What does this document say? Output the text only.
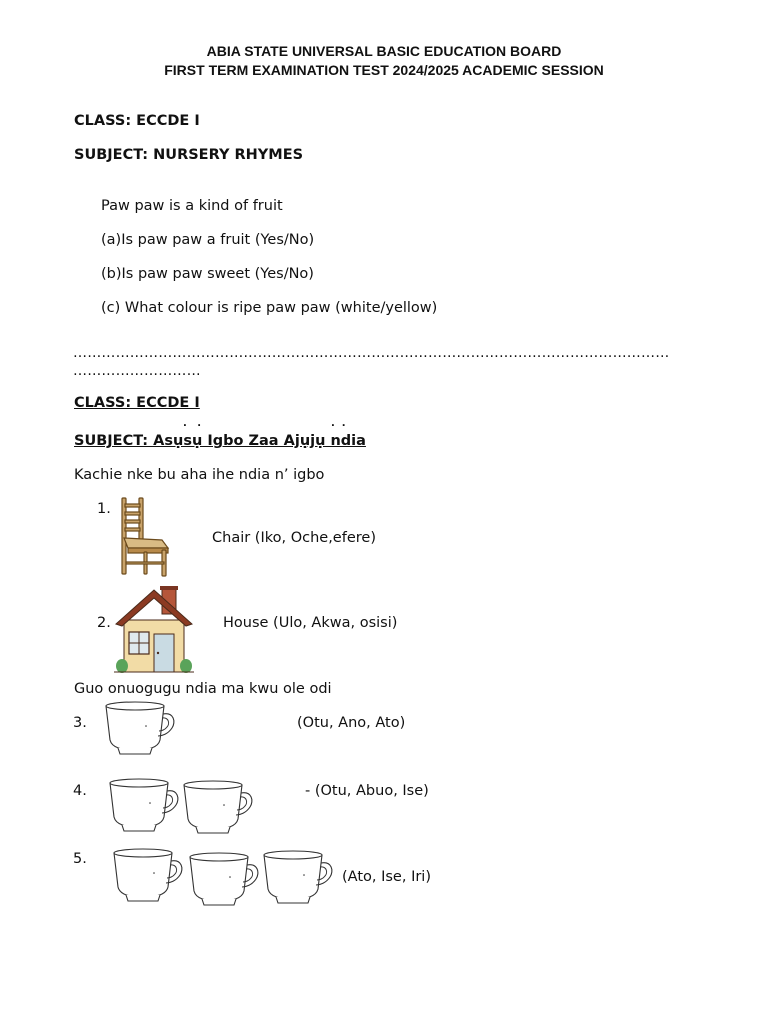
ABIA STATE UNIVERSAL BASIC EDUCATION BOARD
FIRST TERM EXAMINATION TEST 2024/2025 ACADEMIC SESSION
CLASS: ECCDE I
SUBJECT: NURSERY RHYMES
Paw paw is a kind of fruit
(a)Is paw paw a fruit (Yes/No)
(b)Is paw paw sweet (Yes/No)
(c) What colour is ripe paw paw (white/yellow)
………………………………………………………………………………………………………………
………………………
CLASS: ECCDE I
.   .	.  .
SUBJECT: Asụsụ Igbo Zaa Ajụjụ ndia
Kachie nke bu aha ihe ndia n’ igbo
1.
Chair (Iko, Oche,efere)
2.	House (Ulo, Akwa, osisi)
Guo onuogugu ndia ma kwu ole odi
3.	(Otu, Ano, Ato)
4.	- (Otu, Abuo, Ise)
5.
(Ato, Ise, Iri)
